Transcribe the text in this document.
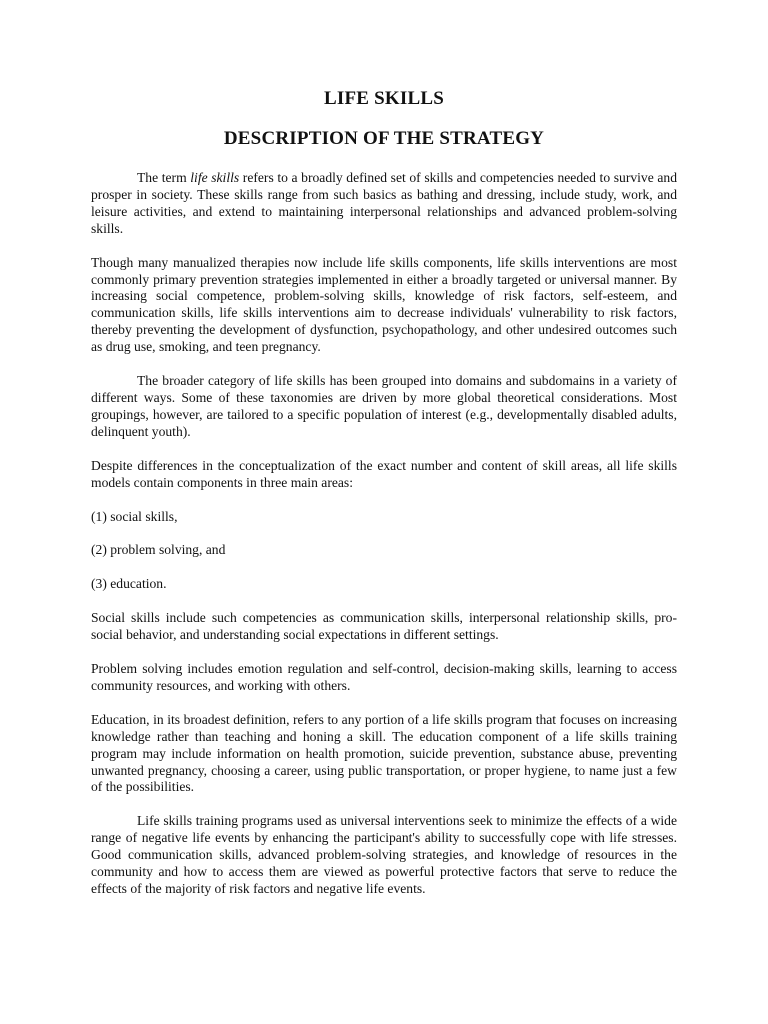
LIFE SKILLS
DESCRIPTION OF THE STRATEGY

The term life skills refers to a broadly defined set of skills and competencies needed to survive and prosper in society. These skills range from such basics as bathing and dressing, include study, work, and leisure activities, and extend to maintaining interpersonal relationships and advanced problem-solving skills.

Though many manualized therapies now include life skills components, life skills interventions are most commonly primary prevention strategies implemented in either a broadly targeted or universal manner. By increasing social competence, problem-solving skills, knowledge of risk factors, self-esteem, and communication skills, life skills interventions aim to decrease individuals' vulnerability to risk factors, thereby preventing the development of dysfunction, psychopathology, and other undesired outcomes such as drug use, smoking, and teen pregnancy.

The broader category of life skills has been grouped into domains and subdomains in a variety of different ways. Some of these taxonomies are driven by more global theoretical considerations. Most groupings, however, are tailored to a specific population of interest (e.g., developmentally disabled adults, delinquent youth).

Despite differences in the conceptualization of the exact number and content of skill areas, all life skills models contain components in three main areas:

(1) social skills,

(2) problem solving, and

(3) education.

Social skills include such competencies as communication skills, interpersonal relationship skills, pro-social behavior, and understanding social expectations in different settings.

Problem solving includes emotion regulation and self-control, decision-making skills, learning to access community resources, and working with others.

Education, in its broadest definition, refers to any portion of a life skills program that focuses on increasing knowledge rather than teaching and honing a skill. The education component of a life skills training program may include information on health promotion, suicide prevention, substance abuse, preventing unwanted pregnancy, choosing a career, using public transportation, or proper hygiene, to name just a few of the possibilities.

Life skills training programs used as universal interventions seek to minimize the effects of a wide range of negative life events by enhancing the participant's ability to successfully cope with life stresses. Good communication skills, advanced problem-solving strategies, and knowledge of resources in the community and how to access them are viewed as powerful protective factors that serve to reduce the effects of the majority of risk factors and negative life events.
